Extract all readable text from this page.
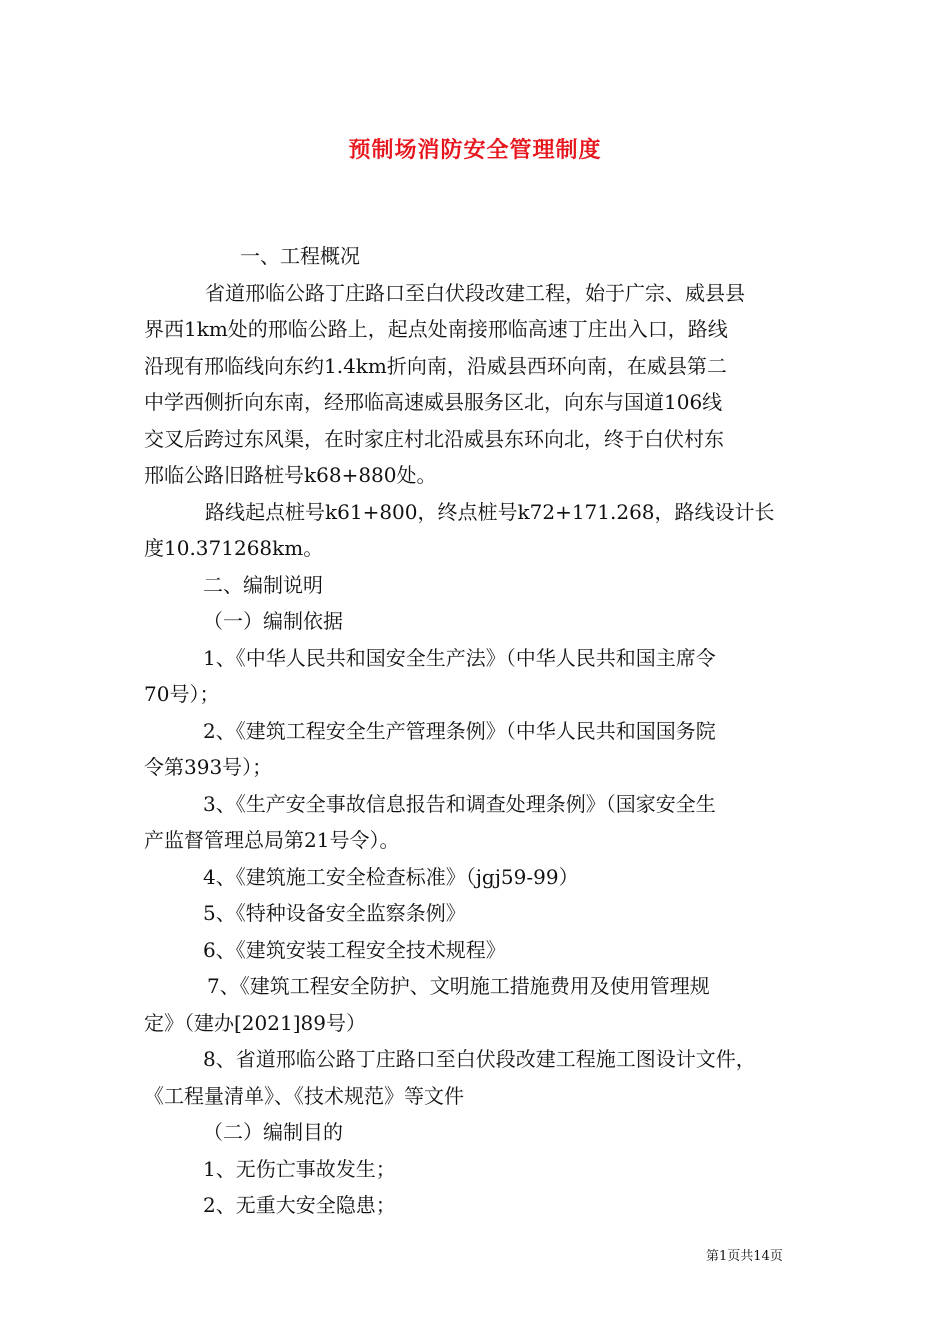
预制场消防安全管理制度
一、工程概况
省道邢临公路丁庄路口至白伏段改建工程，始于广宗、威县县
界西1km处的邢临公路上，起点处南接邢临高速丁庄出入口，路线
沿现有邢临线向东约1.4km折向南，沿威县西环向南，在威县第二
中学西侧折向东南，经邢临高速威县服务区北，向东与国道106线
交叉后跨过东风渠，在时家庄村北沿威县东环向北，终于白伏村东
邢临公路旧路桩号k68+880处。
路线起点桩号k61+800，终点桩号k72+171.268，路线设计长
度10.371268km。
二、编制说明
（一）编制依据
1、《中华人民共和国安全生产法》（中华人民共和国主席令
70号）；
2、《建筑工程安全生产管理条例》（中华人民共和国国务院
令第393号）；
3、《生产安全事故信息报告和调查处理条例》（国家安全生
产监督管理总局第21号令）。
4、《建筑施工安全检查标准》（jgj59-99）
5、《特种设备安全监察条例》
6、《建筑安装工程安全技术规程》
7、《建筑工程安全防护、文明施工措施费用及使用管理规
定》（建办[2021]89号）
8、省道邢临公路丁庄路口至白伏段改建工程施工图设计文件，
《工程量清单》、《技术规范》等文件
（二）编制目的
1、无伤亡事故发生；
2、无重大安全隐患；
第1页共14页
